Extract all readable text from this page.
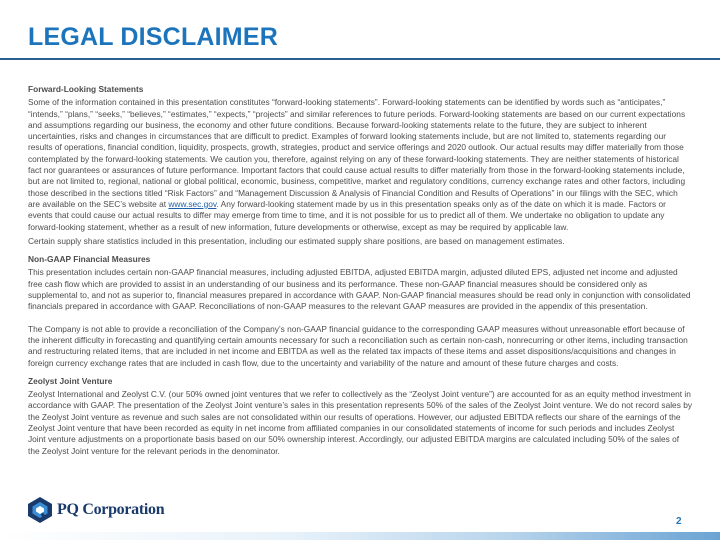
LEGAL DISCLAIMER
Forward-Looking Statements

Some of the information contained in this presentation constitutes “forward-looking statements”. Forward-looking statements can be identified by words such as “anticipates,” “intends,” “plans,” “seeks,” “believes,” “estimates,” “expects,” “projects” and similar references to future periods. Forward-looking statements are based on our current expectations and assumptions regarding our business, the economy and other future conditions. Because forward-looking statements relate to the future, they are subject to inherent uncertainties, risks and changes in circumstances that are difficult to predict. Examples of forward looking statements include, but are not limited to, statements regarding our results of operations, financial condition, liquidity, prospects, growth, strategies, product and service offerings and 2020 outlook. Our actual results may differ materially from those contemplated by the forward-looking statements. We caution you, therefore, against relying on any of these forward-looking statements. They are neither statements of historical fact nor guarantees or assurances of future performance. Important factors that could cause actual results to differ materially from those in the forward-looking statements include, but are not limited to, regional, national or global political, economic, business, competitive, market and regulatory conditions, currency exchange rates and other factors, including those described in the sections titled “Risk Factors” and “Management Discussion & Analysis of Financial Condition and Results of Operations” in our filings with the SEC, which are available on the SEC’s website at www.sec.gov. Any forward-looking statement made by us in this presentation speaks only as of the date on which it is made. Factors or events that could cause our actual results to differ may emerge from time to time, and it is not possible for us to predict all of them. We undertake no obligation to update any forward-looking statement, whether as a result of new information, future developments or otherwise, except as may be required by applicable law.

Certain supply share statistics included in this presentation, including our estimated supply share positions, are based on management estimates.

Non-GAAP Financial Measures

This presentation includes certain non-GAAP financial measures, including adjusted EBITDA, adjusted EBITDA margin, adjusted diluted EPS, adjusted net income and adjusted free cash flow which are provided to assist in an understanding of our business and its performance. These non-GAAP financial measures should be considered only as supplemental to, and not as superior to, financial measures prepared in accordance with GAAP. Non-GAAP financial measures should be read only in conjunction with consolidated financials prepared in accordance with GAAP. Reconciliations of non-GAAP measures to the relevant GAAP measures are provided in the appendix of this presentation.

The Company is not able to provide a reconciliation of the Company’s non-GAAP financial guidance to the corresponding GAAP measures without unreasonable effort because of the inherent difficulty in forecasting and quantifying certain amounts necessary for such a reconciliation such as certain non-cash, nonrecurring or other items, including transaction and restructuring related items, that are included in net income and EBITDA as well as the related tax impacts of these items and asset dispositions/acquisitions and changes in foreign currency exchange rates that are included in cash flow, due to the uncertainty and variability of the nature and amount of these future charges and costs.

Zeolyst Joint Venture

Zeolyst International and Zeolyst C.V. (our 50% owned joint ventures that we refer to collectively as the “Zeolyst Joint venture”) are accounted for as an equity method investment in accordance with GAAP. The presentation of the Zeolyst Joint venture’s sales in this presentation represents 50% of the sales of the Zeolyst Joint venture. We do not record sales by the Zeolyst Joint venture as revenue and such sales are not consolidated within our results of operations. However, our adjusted EBITDA reflects our share of the earnings of the Zeolyst Joint venture that have been recorded as equity in net income from affiliated companies in our consolidated statements of income for such periods and includes Zeolyst Joint venture adjustments on a proportionate basis based on our 50% ownership interest. Accordingly, our adjusted EBITDA margins are calculated including 50% of the sales of the Zeolyst Joint venture for the relevant periods in the denominator.

PQ Corporation
2
